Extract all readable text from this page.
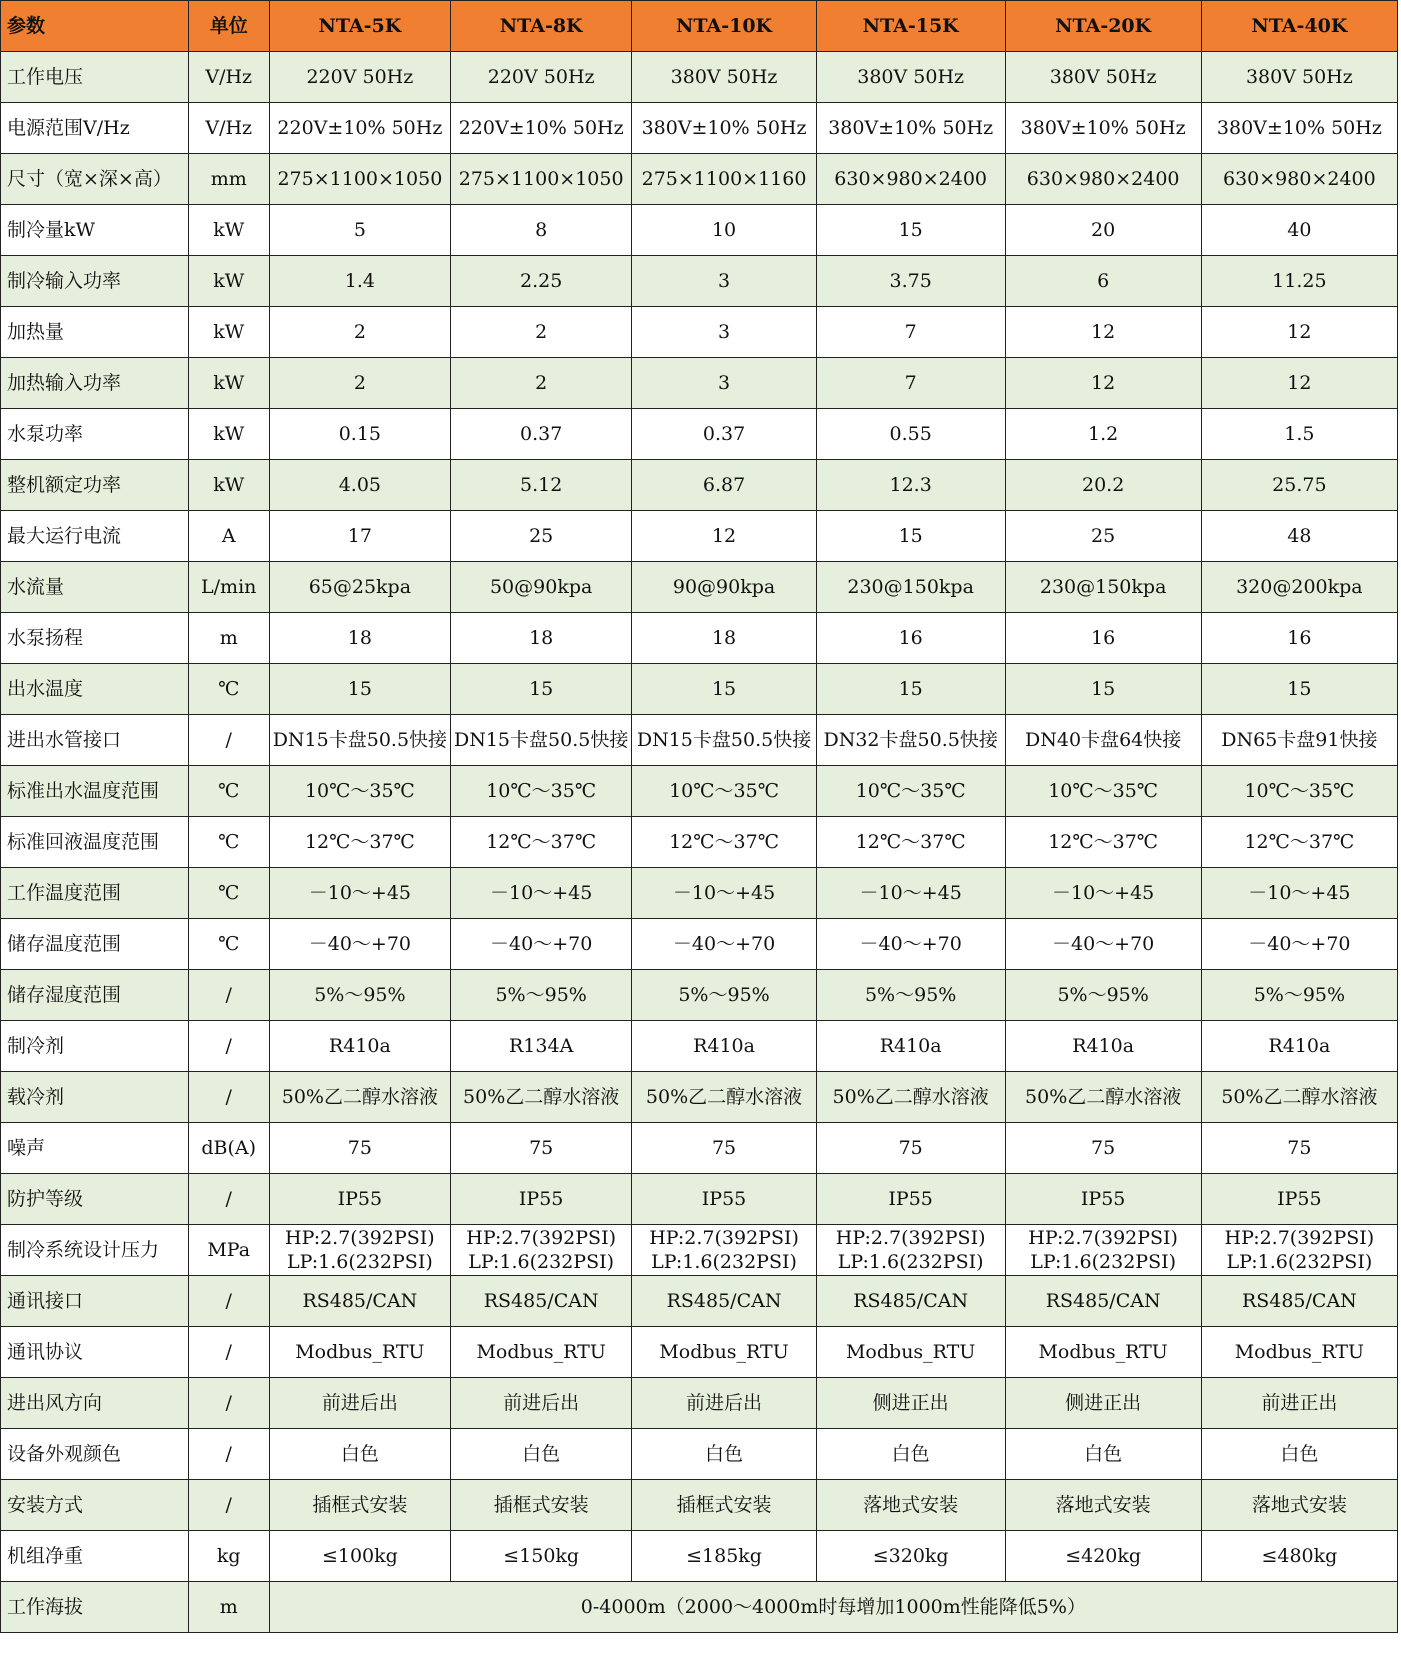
参数	单位	NTA-5K	NTA-8K	NTA-10K	NTA-15K	NTA-20K	NTA-40K
工作电压	V/Hz	220V 50Hz	220V 50Hz	380V 50Hz	380V 50Hz	380V 50Hz	380V 50Hz
电源范围V/Hz	V/Hz	220V±10% 50Hz	220V±10% 50Hz	380V±10% 50Hz	380V±10% 50Hz	380V±10% 50Hz	380V±10% 50Hz
尺寸（宽×深×高）	mm	275×1100×1050	275×1100×1050	275×1100×1160	630×980×2400	630×980×2400	630×980×2400
制冷量kW	kW	5	8	10	15	20	40
制冷输入功率	kW	1.4	2.25	3	3.75	6	11.25
加热量	kW	2	2	3	7	12	12
加热输入功率	kW	2	2	3	7	12	12
水泵功率	kW	0.15	0.37	0.37	0.55	1.2	1.5
整机额定功率	kW	4.05	5.12	6.87	12.3	20.2	25.75
最大运行电流	A	17	25	12	15	25	48
水流量	L/min	65@25kpa	50@90kpa	90@90kpa	230@150kpa	230@150kpa	320@200kpa
水泵扬程	m	18	18	18	16	16	16
出水温度	℃	15	15	15	15	15	15
进出水管接口	/	DN15卡盘50.5快接	DN15卡盘50.5快接	DN15卡盘50.5快接	DN32卡盘50.5快接	DN40卡盘64快接	DN65卡盘91快接
标准出水温度范围	℃	10℃～35℃	10℃～35℃	10℃～35℃	10℃～35℃	10℃～35℃	10℃～35℃
标准回液温度范围	℃	12℃～37℃	12℃～37℃	12℃～37℃	12℃～37℃	12℃～37℃	12℃～37℃
工作温度范围	℃	－10～+45	－10～+45	－10～+45	－10～+45	－10～+45	－10～+45
储存温度范围	℃	－40～+70	－40～+70	－40～+70	－40～+70	－40～+70	－40～+70
储存湿度范围	/	5%～95%	5%～95%	5%～95%	5%～95%	5%～95%	5%～95%
制冷剂	/	R410a	R134A	R410a	R410a	R410a	R410a
载冷剂	/	50%乙二醇水溶液	50%乙二醇水溶液	50%乙二醇水溶液	50%乙二醇水溶液	50%乙二醇水溶液	50%乙二醇水溶液
噪声	dB(A)	75	75	75	75	75	75
防护等级	/	IP55	IP55	IP55	IP55	IP55	IP55
制冷系统设计压力	MPa	HP:2.7(392PSI) LP:1.6(232PSI)	HP:2.7(392PSI) LP:1.6(232PSI)	HP:2.7(392PSI) LP:1.6(232PSI)	HP:2.7(392PSI) LP:1.6(232PSI)	HP:2.7(392PSI) LP:1.6(232PSI)	HP:2.7(392PSI) LP:1.6(232PSI)
通讯接口	/	RS485/CAN	RS485/CAN	RS485/CAN	RS485/CAN	RS485/CAN	RS485/CAN
通讯协议	/	Modbus_RTU	Modbus_RTU	Modbus_RTU	Modbus_RTU	Modbus_RTU	Modbus_RTU
进出风方向	/	前进后出	前进后出	前进后出	侧进正出	侧进正出	前进正出
设备外观颜色	/	白色	白色	白色	白色	白色	白色
安装方式	/	插框式安装	插框式安装	插框式安装	落地式安装	落地式安装	落地式安装
机组净重	kg	≤100kg	≤150kg	≤185kg	≤320kg	≤420kg	≤480kg
工作海拔	m	0-4000m（2000～4000m时每增加1000m性能降低5%）					
